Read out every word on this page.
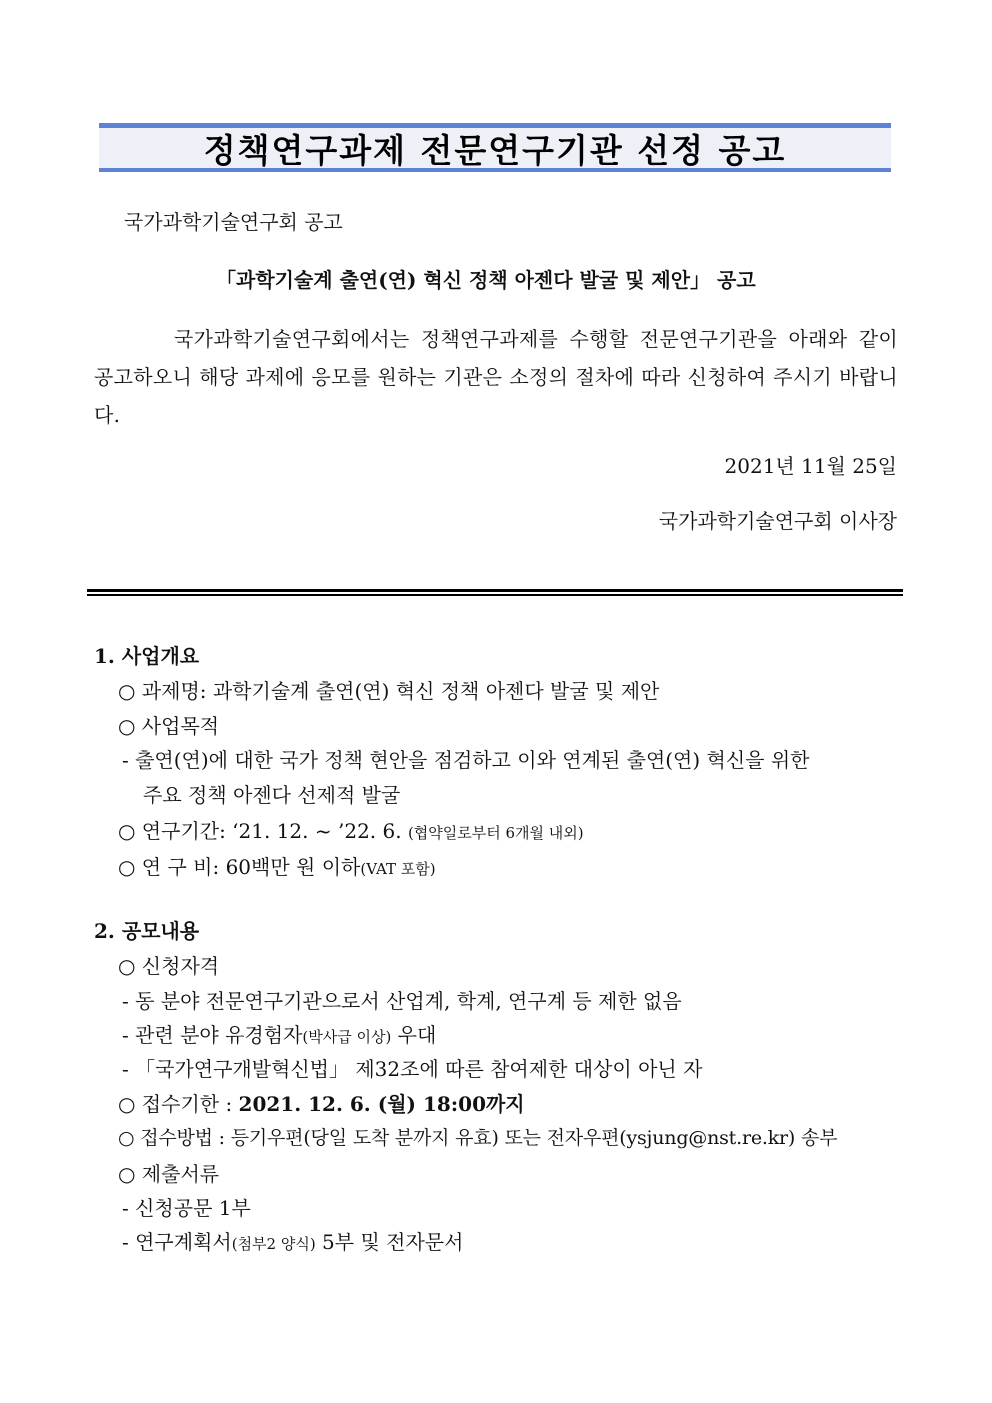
정책연구과제 전문연구기관 선정 공고
국가과학기술연구회 공고
「과학기술계 출연(연) 혁신 정책 아젠다 발굴 및 제안」 공고
국가과학기술연구회에서는 정책연구과제를 수행할 전문연구기관을 아래와 같이 공고하오니 해당 과제에 응모를 원하는 기관은 소정의 절차에 따라 신청하여 주시기 바랍니다.
2021년 11월 25일
국가과학기술연구회 이사장
1. 사업개요
○ 과제명: 과학기술계 출연(연) 혁신 정책 아젠다 발굴 및 제안
○ 사업목적
- 출연(연)에 대한 국가 정책 현안을 점검하고 이와 연계된 출연(연) 혁신을 위한
주요 정책 아젠다 선제적 발굴
○ 연구기간: ‘21. 12. ~ ’22. 6. (협약일로부터 6개월 내외)
○ 연 구 비: 60백만 원 이하(VAT 포함)
2. 공모내용
○ 신청자격
- 동 분야 전문연구기관으로서 산업계, 학계, 연구계 등 제한 없음
- 관련 분야 유경험자(박사급 이상) 우대
- 「국가연구개발혁신법」 제32조에 따른 참여제한 대상이 아닌 자
○ 접수기한 : 2021. 12. 6. (월) 18:00까지
○ 접수방법 : 등기우편(당일 도착 분까지 유효) 또는 전자우편(ysjung@nst.re.kr) 송부
○ 제출서류
- 신청공문 1부
- 연구계획서(첨부2 양식) 5부 및 전자문서
